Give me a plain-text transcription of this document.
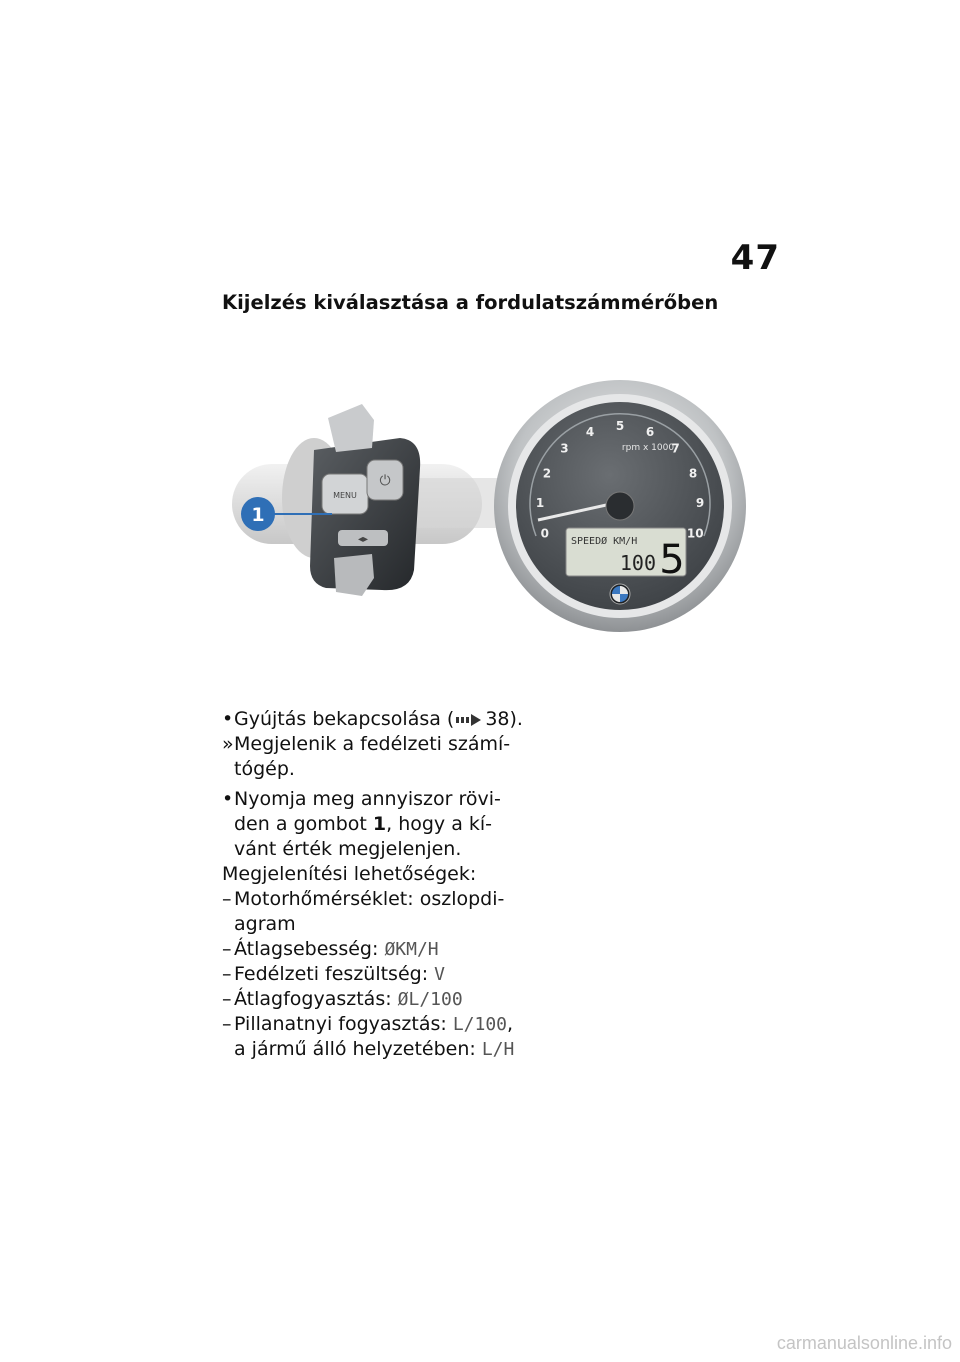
47
Kijelzés kiválasztása a fordulatszámmérőben
MENU
⏻
◂▸
1
0
1
2
3
4 5 6
7
8
9
10
rpm x 1000
SPEEDØ KM/H
100 5
• Gyújtás bekapcsolása ( 38).
» Megjelenik a fedélzeti számí-
tógép.
• Nyomja meg annyiszor rövi-
den a gombot 1, hogy a kí-
vánt érték megjelenjen.
Megjelenítési lehetőségek:
– Motorhőmérséklet: oszlopdi-
agram
– Átlagsebesség: ØKM/H
– Fedélzeti feszültség: V
– Átlagfogyasztás: ØL/100
– Pillanatnyi fogyasztás: L/100,
a jármű álló helyzetében: L/H
carmanualsonline.info
